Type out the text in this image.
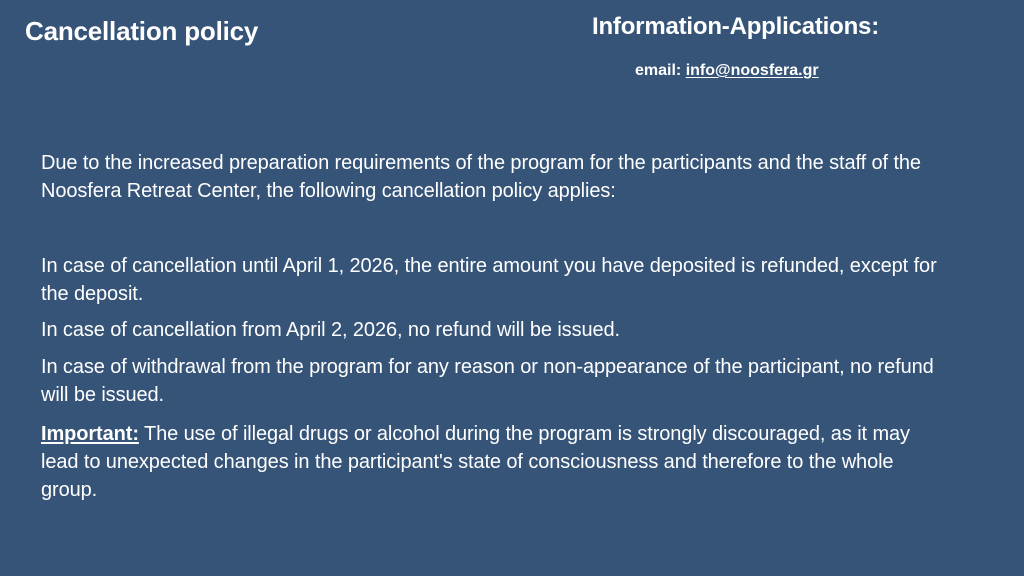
Cancellation policy	Information-Applications:
email: info@noosfera.gr
Due to the increased preparation requirements of the program for the participants and the staff of the Noosfera Retreat Center, the following cancellation policy applies:
In case of cancellation until April 1, 2026, the entire amount you have deposited is refunded, except for the deposit.
In case of cancellation from April 2, 2026, no refund will be issued.
In case of withdrawal from the program for any reason or non-appearance of the participant, no refund will be issued.
Important: The use of illegal drugs or alcohol during the program is strongly discouraged, as it may lead to unexpected changes in the participant's state of consciousness and therefore to the whole group.
